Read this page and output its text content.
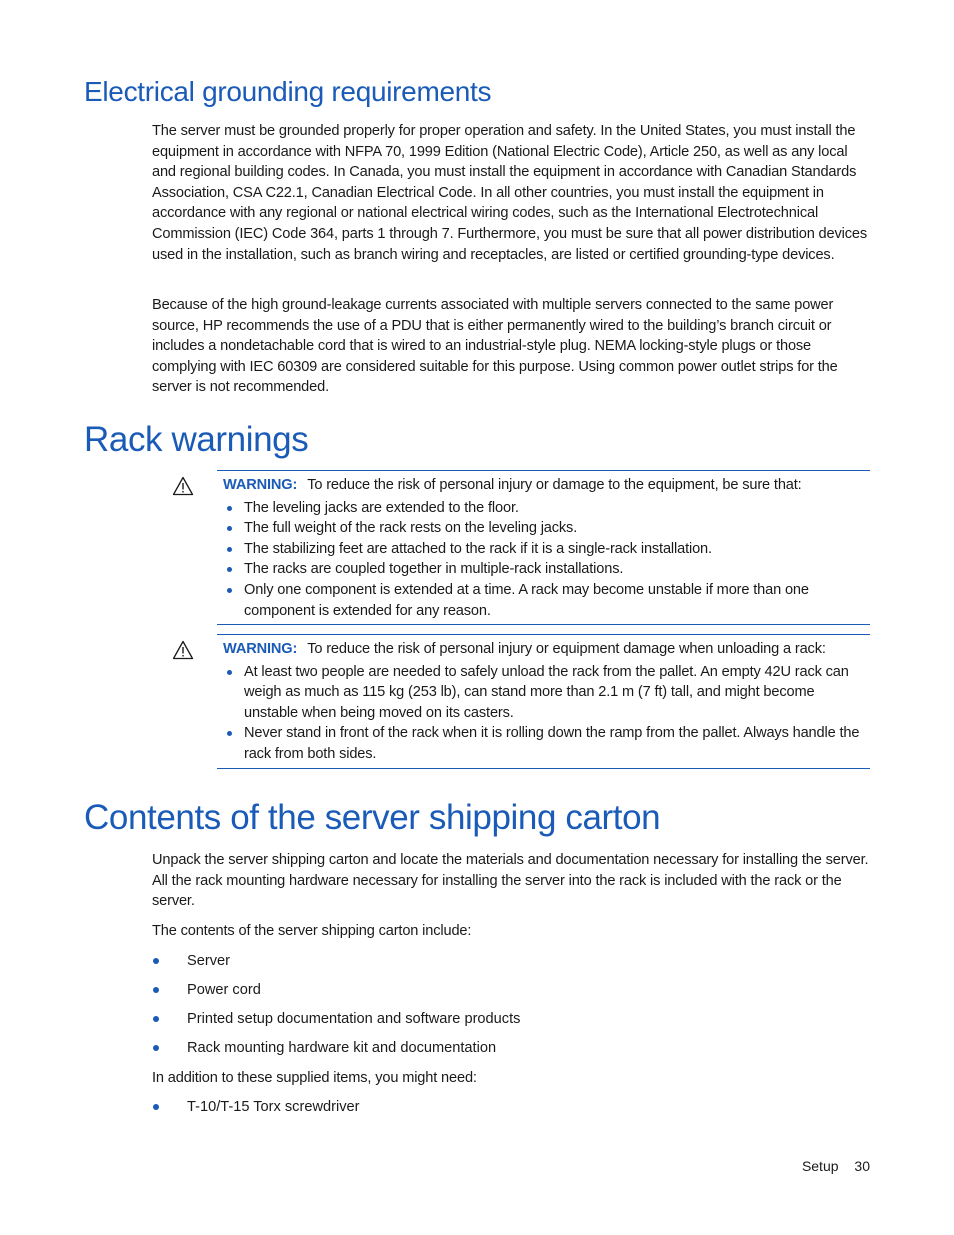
Electrical grounding requirements

The server must be grounded properly for proper operation and safety. In the United States, you must install the equipment in accordance with NFPA 70, 1999 Edition (National Electric Code), Article 250, as well as any local and regional building codes. In Canada, you must install the equipment in accordance with Canadian Standards Association, CSA C22.1, Canadian Electrical Code. In all other countries, you must install the equipment in accordance with any regional or national electrical wiring codes, such as the International Electrotechnical Commission (IEC) Code 364, parts 1 through 7. Furthermore, you must be sure that all power distribution devices used in the installation, such as branch wiring and receptacles, are listed or certified grounding-type devices.

Because of the high ground-leakage currents associated with multiple servers connected to the same power source, HP recommends the use of a PDU that is either permanently wired to the building’s branch circuit or includes a nondetachable cord that is wired to an industrial-style plug. NEMA locking-style plugs or those complying with IEC 60309 are considered suitable for this purpose. Using common power outlet strips for the server is not recommended.

Rack warnings
WARNING: To reduce the risk of personal injury or damage to the equipment, be sure that:
The leveling jacks are extended to the floor.
The full weight of the rack rests on the leveling jacks.
The stabilizing feet are attached to the rack if it is a single-rack installation.
The racks are coupled together in multiple-rack installations.
Only one component is extended at a time. A rack may become unstable if more than one component is extended for any reason.
WARNING: To reduce the risk of personal injury or equipment damage when unloading a rack:
At least two people are needed to safely unload the rack from the pallet. An empty 42U rack can weigh as much as 115 kg (253 lb), can stand more than 2.1 m (7 ft) tall, and might become unstable when being moved on its casters.
Never stand in front of the rack when it is rolling down the ramp from the pallet. Always handle the rack from both sides.
Contents of the server shipping carton

Unpack the server shipping carton and locate the materials and documentation necessary for installing the server. All the rack mounting hardware necessary for installing the server into the rack is included with the rack or the server.

The contents of the server shipping carton include:

Server
Power cord
Printed setup documentation and software products
Rack mounting hardware kit and documentation

In addition to these supplied items, you might need:

T-10/T-15 Torx screwdriver
Setup 30
